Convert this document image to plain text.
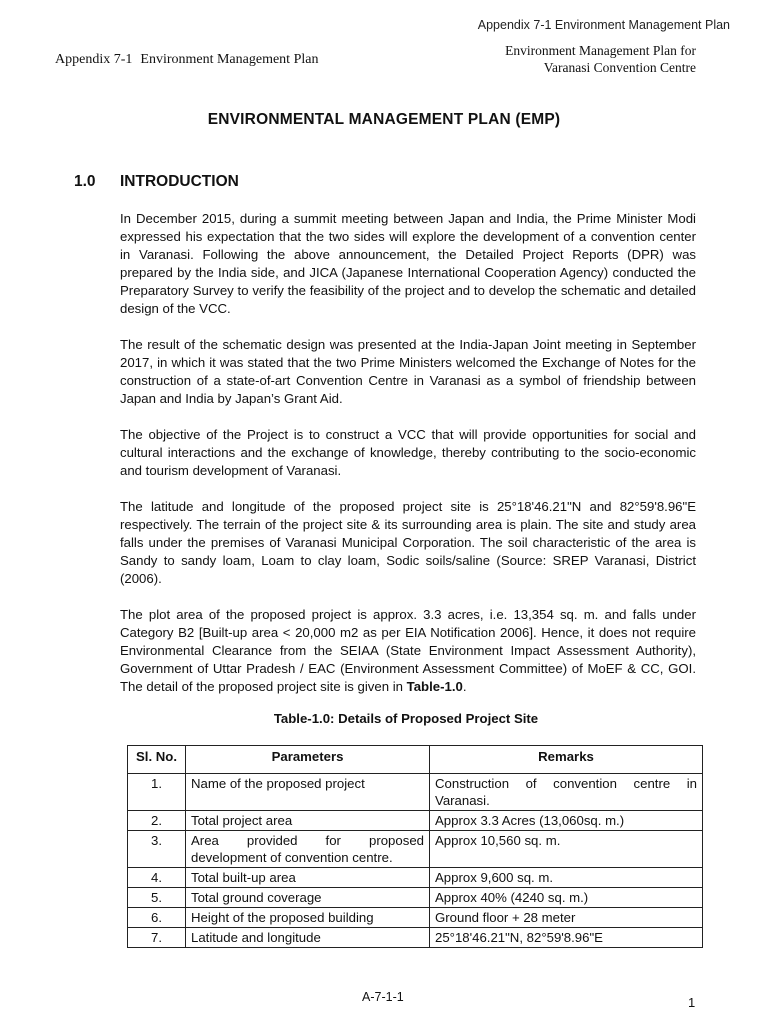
Appendix 7-1 Environment Management Plan
Appendix 7-1 Environment Management Plan
Environment Management Plan for
Varanasi Convention Centre
ENVIRONMENTAL MANAGEMENT PLAN (EMP)
1.0 INTRODUCTION

In December 2015, during a summit meeting between Japan and India, the Prime Minister Modi expressed his expectation that the two sides will explore the development of a convention center in Varanasi. Following the above announcement, the Detailed Project Reports (DPR) was prepared by the India side, and JICA (Japanese International Cooperation Agency) conducted the Preparatory Survey to verify the feasibility of the project and to develop the schematic and detailed design of the VCC.

The result of the schematic design was presented at the India-Japan Joint meeting in September 2017, in which it was stated that the two Prime Ministers welcomed the Exchange of Notes for the construction of a state-of-art Convention Centre in Varanasi as a symbol of friendship between Japan and India by Japan’s Grant Aid.

The objective of the Project is to construct a VCC that will provide opportunities for social and cultural interactions and the exchange of knowledge, thereby contributing to the socio-economic and tourism development of Varanasi.

The latitude and longitude of the proposed project site is 25°18'46.21"N and 82°59'8.96"E respectively. The terrain of the project site & its surrounding area is plain. The site and study area falls under the premises of Varanasi Municipal Corporation. The soil characteristic of the area is Sandy to sandy loam, Loam to clay loam, Sodic soils/saline (Source: SREP Varanasi, District (2006).

The plot area of the proposed project is approx. 3.3 acres, i.e. 13,354 sq. m. and falls under Category B2 [Built-up area < 20,000 m2 as per EIA Notification 2006]. Hence, it does not require Environmental Clearance from the SEIAA (State Environment Impact Assessment Authority), Government of Uttar Pradesh / EAC (Environment Assessment Committee) of MoEF & CC, GOI. The detail of the proposed project site is given in Table-1.0.

Table-1.0: Details of Proposed Project Site
Sl. No.	Parameters	Remarks
1.	Name of the proposed project	Construction of convention centre in Varanasi.
2.	Total project area	Approx 3.3 Acres (13,060sq. m.)
3.	Area provided for proposed development of convention centre.	Approx 10,560 sq. m.
4.	Total built-up area	Approx 9,600 sq. m.
5.	Total ground coverage	Approx 40% (4240 sq. m.)
6.	Height of the proposed building	Ground floor + 28 meter
7.	Latitude and longitude	25°18'46.21"N, 82°59'8.96"E
A-7-1-1	1
